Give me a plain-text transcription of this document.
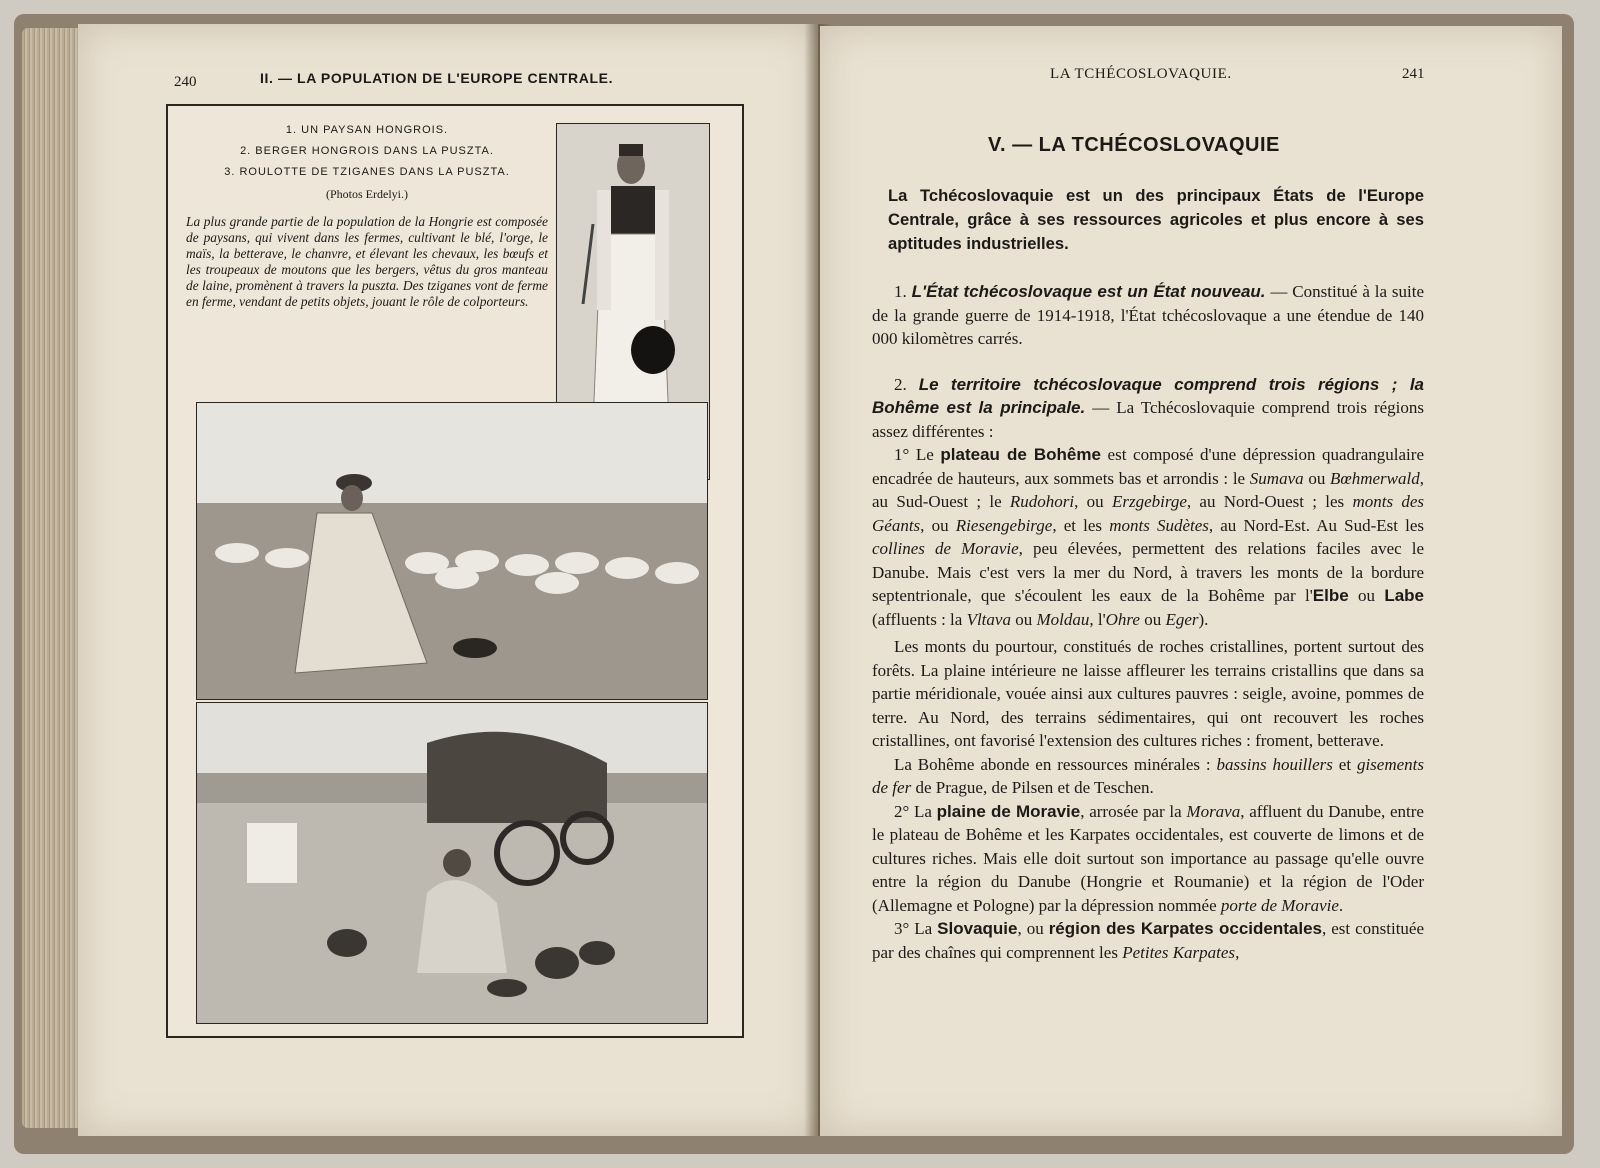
240	II. — LA POPULATION DE L'EUROPE CENTRALE.
1. UN PAYSAN HONGROIS.
2. BERGER HONGROIS DANS LA PUSZTA.
3. ROULOTTE DE TZIGANES DANS LA PUSZTA.
(Photos Erdelyi.)
La plus grande partie de la population de la Hongrie est composée de paysans, qui vivent dans les fermes, cultivant le blé, l'orge, le maïs, la betterave, le chanvre, et élevant les chevaux, les bœufs et les troupeaux de moutons que les bergers, vêtus du gros manteau de laine, promènent à travers la puszta. Des tziganes vont de ferme en ferme, vendant de petits objets, jouant le rôle de colporteurs.
LA TCHÉCOSLOVAQUIE.	241
V. — LA TCHÉCOSLOVAQUIE

La Tchécoslovaquie est un des principaux États de l'Europe Centrale, grâce à ses ressources agricoles et plus encore à ses aptitudes industrielles.

1. L'État tchécoslovaque est un État nouveau. — Constitué à la suite de la grande guerre de 1914-1918, l'État tchécoslovaque a une étendue de 140 000 kilomètres carrés.

2. Le territoire tchécoslovaque comprend trois régions ; la Bohême est la principale. — La Tchécoslovaquie comprend trois régions assez différentes :

1° Le plateau de Bohême est composé d'une dépression quadrangulaire encadrée de hauteurs, aux sommets bas et arrondis : le Sumava ou Bœhmerwald, au Sud-Ouest ; le Rudohori, ou Erzgebirge, au Nord-Ouest ; les monts des Géants, ou Riesengebirge, et les monts Sudètes, au Nord-Est. Au Sud-Est les collines de Moravie, peu élevées, permettent des relations faciles avec le Danube. Mais c'est vers la mer du Nord, à travers les monts de la bordure septentrionale, que s'écoulent les eaux de la Bohême par l'Elbe ou Labe (affluents : la Vltava ou Moldau, l'Ohre ou Eger).

Les monts du pourtour, constitués de roches cristallines, portent surtout des forêts. La plaine intérieure ne laisse affleurer les terrains cristallins que dans sa partie méridionale, vouée ainsi aux cultures pauvres : seigle, avoine, pommes de terre. Au Nord, des terrains sédimentaires, qui ont recouvert les roches cristallines, ont favorisé l'extension des cultures riches : froment, betterave.

La Bohême abonde en ressources minérales : bassins houillers et gisements de fer de Prague, de Pilsen et de Teschen.

2° La plaine de Moravie, arrosée par la Morava, affluent du Danube, entre le plateau de Bohême et les Karpates occidentales, est couverte de limons et de cultures riches. Mais elle doit surtout son importance au passage qu'elle ouvre entre la région du Danube (Hongrie et Roumanie) et la région de l'Oder (Allemagne et Pologne) par la dépression nommée porte de Moravie.

3° La Slovaquie, ou région des Karpates occidentales, est constituée par des chaînes qui comprennent les Petites Karpates,
